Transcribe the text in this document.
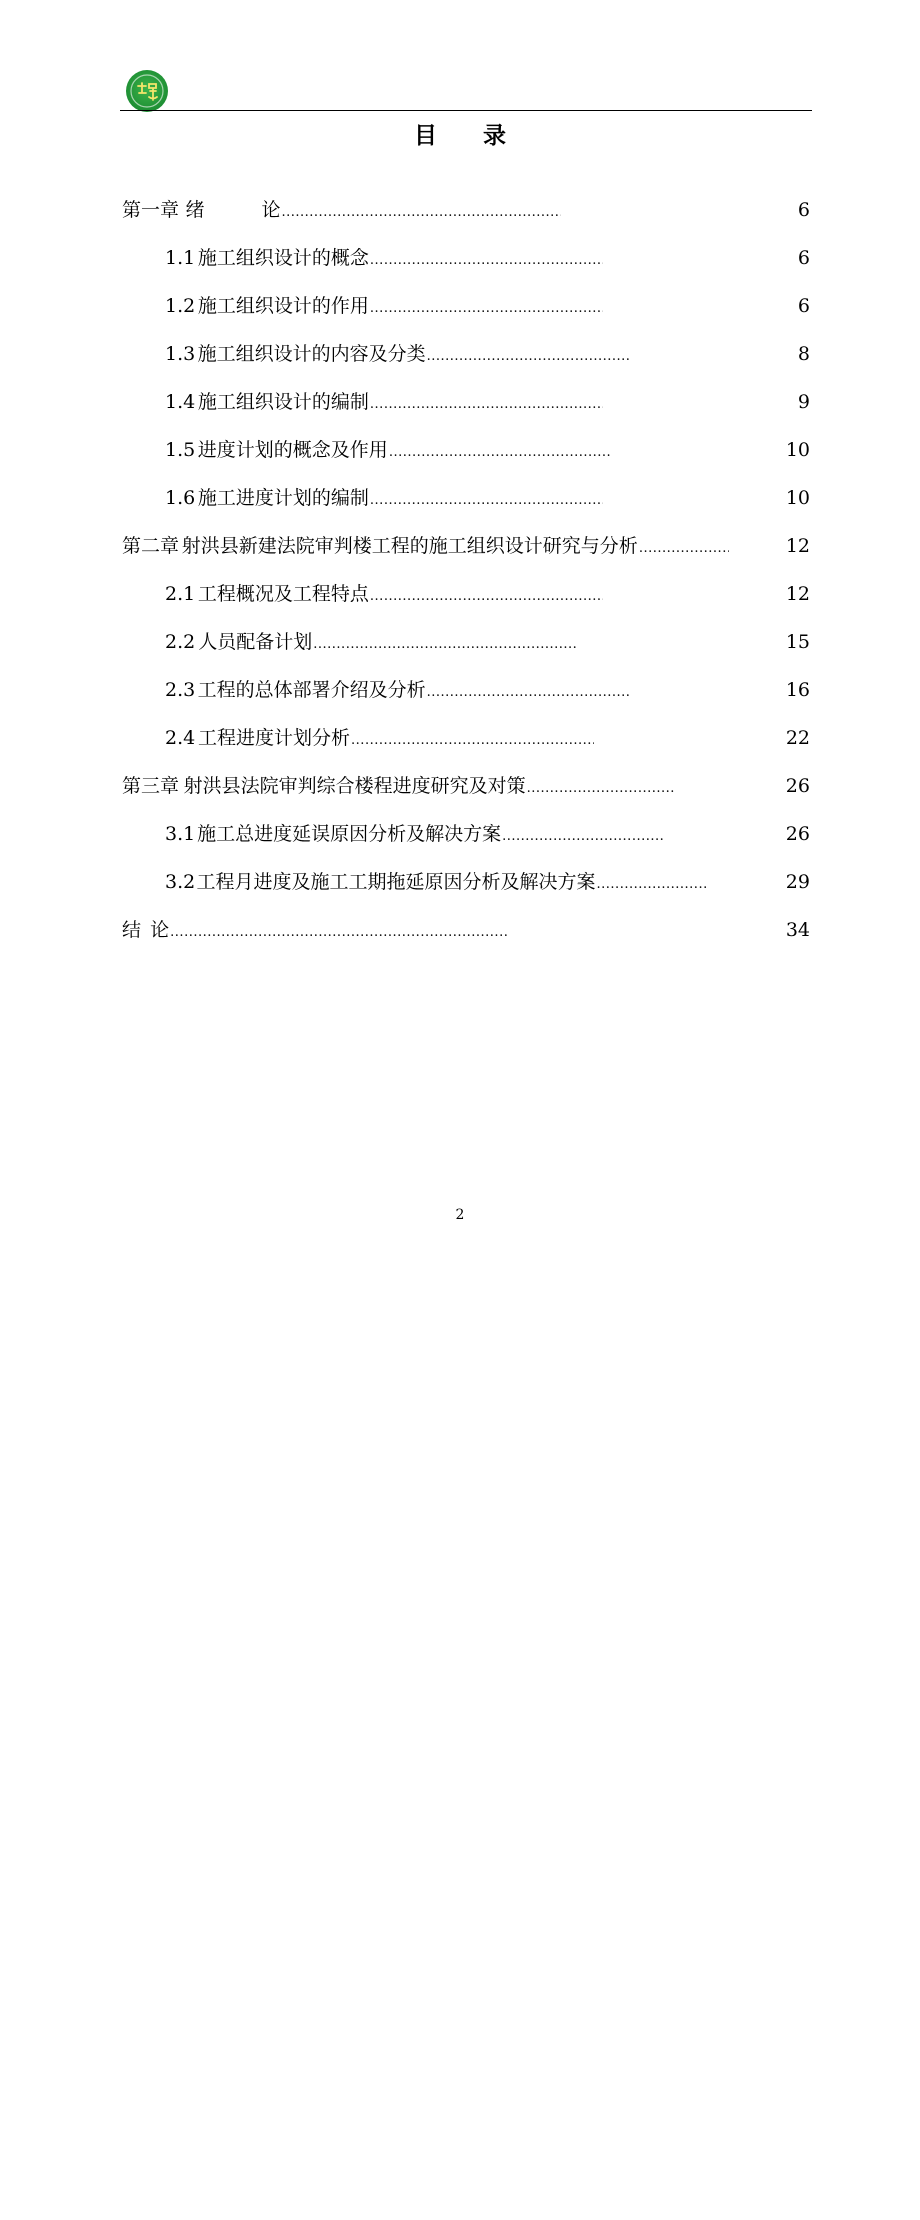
目 录
第一章 绪　　　论 .....	6
1.1 施工组织设计的概念 .....	6
1.2 施工组织设计的作用 .....	6
1.3 施工组织设计的内容及分类 .....	8
1.4 施工组织设计的编制 .....	9
1.5 进度计划的概念及作用 .....	10
1.6 施工进度计划的编制 .....	10
第二章 射洪县新建法院审判楼工程的施工组织设计研究与分析 .....	12
2.1 工程概况及工程特点 .....	12
2.2 人员配备计划 .....	15
2.3 工程的总体部署介绍及分析 .....	16
2.4 工程进度计划分析 .....	22
第三章 射洪县法院审判综合楼程进度研究及对策 .....	26
3.1 施工总进度延误原因分析及解决方案 .....	26
3.2 工程月进度及施工工期拖延原因分析及解决方案 .....	29
结 论 .....	34
2
